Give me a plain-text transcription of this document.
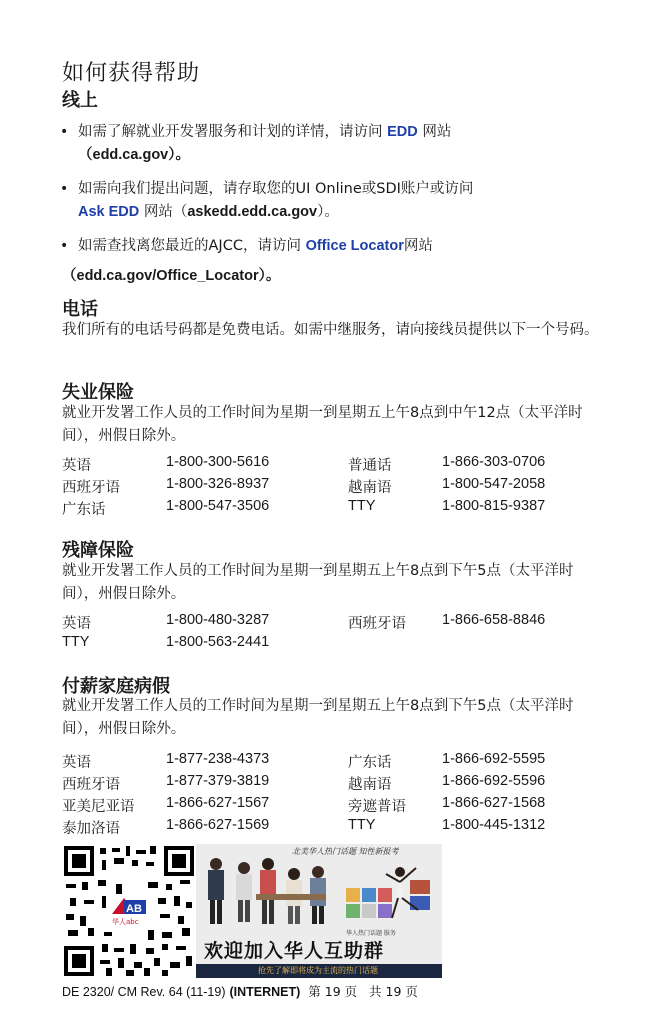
如何获得帮助
线上
• 如需了解就业开发署服务和计划的详情，请访问 EDD 网站
（edd.ca.gov）。
• 如需向我们提出问题，请存取您的UI Online或SDI账户或访问
Ask EDD 网站（askedd.edd.ca.gov）。
• 如需查找离您最近的AJCC，请访问 Office Locator网站
（edd.ca.gov/Office_Locator）。
电话
我们所有的电话号码都是免费电话。如需中继服务，请向接线员提供以下一个号码。
失业保险
就业开发署工作人员的工作时间为星期一到星期五上午8点到中午12点（太平洋时间），州假日除外。
英语	1-800-300-5616	普通话	1-866-303-0706
西班牙语	1-800-326-8937	越南语	1-800-547-2058
广东话	1-800-547-3506	TTY	1-800-815-9387
残障保险
就业开发署工作人员的工作时间为星期一到星期五上午8点到下午5点（太平洋时间），州假日除外。
英语	1-800-480-3287	西班牙语 1-866-658-8846
TTY	1-800-563-2441
付薪家庭病假
就业开发署工作人员的工作时间为星期一到星期五上午8点到下午5点（太平洋时间），州假日除外。
英语	1-877-238-4373	广东话	1-866-692-5595
西班牙语	1-877-379-3819	越南语	1-866-692-5596
亚美尼亚语 1-866-627-1567	旁遮普语 1-866-627-1568
泰加洛语	1-866-627-1569	TTY	1-800-445-1312
AB
华人abc
北美华人热门话题 知性新报考
华人热门话题 服务
欢迎加入华人互助群
抢先了解即将成为主流的热门话题
DE 2320/ CM Rev. 64 (11-19) (INTERNET) 第 19 页 共 19 页
